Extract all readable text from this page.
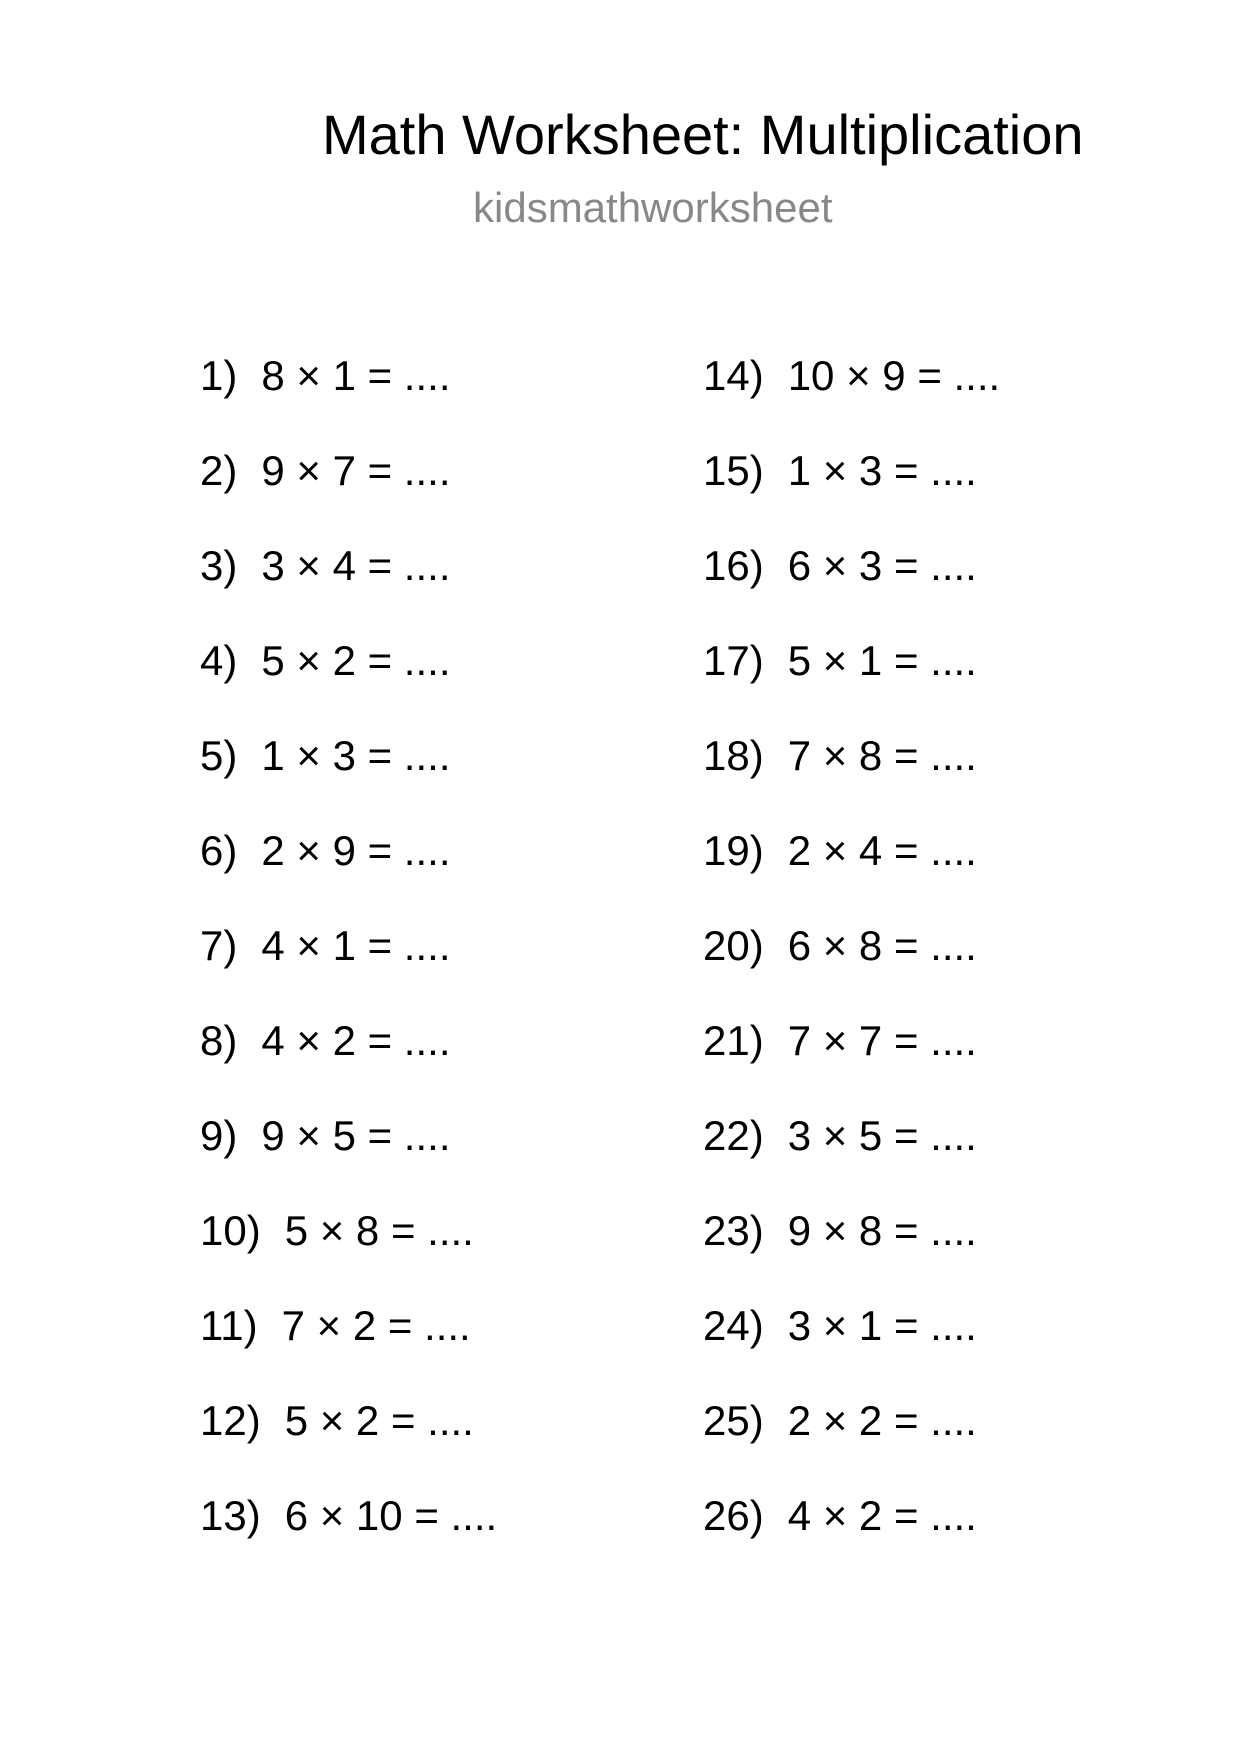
Math Worksheet: Multiplication
kidsmathworksheet
1) 8 × 1 = ....
2) 9 × 7 = ....
3) 3 × 4 = ....
4) 5 × 2 = ....
5) 1 × 3 = ....
6) 2 × 9 = ....
7) 4 × 1 = ....
8) 4 × 2 = ....
9) 9 × 5 = ....
10) 5 × 8 = ....
11) 7 × 2 = ....
12) 5 × 2 = ....
13) 6 × 10 = ....
14) 10 × 9 = ....
15) 1 × 3 = ....
16) 6 × 3 = ....
17) 5 × 1 = ....
18) 7 × 8 = ....
19) 2 × 4 = ....
20) 6 × 8 = ....
21) 7 × 7 = ....
22) 3 × 5 = ....
23) 9 × 8 = ....
24) 3 × 1 = ....
25) 2 × 2 = ....
26) 4 × 2 = ....
